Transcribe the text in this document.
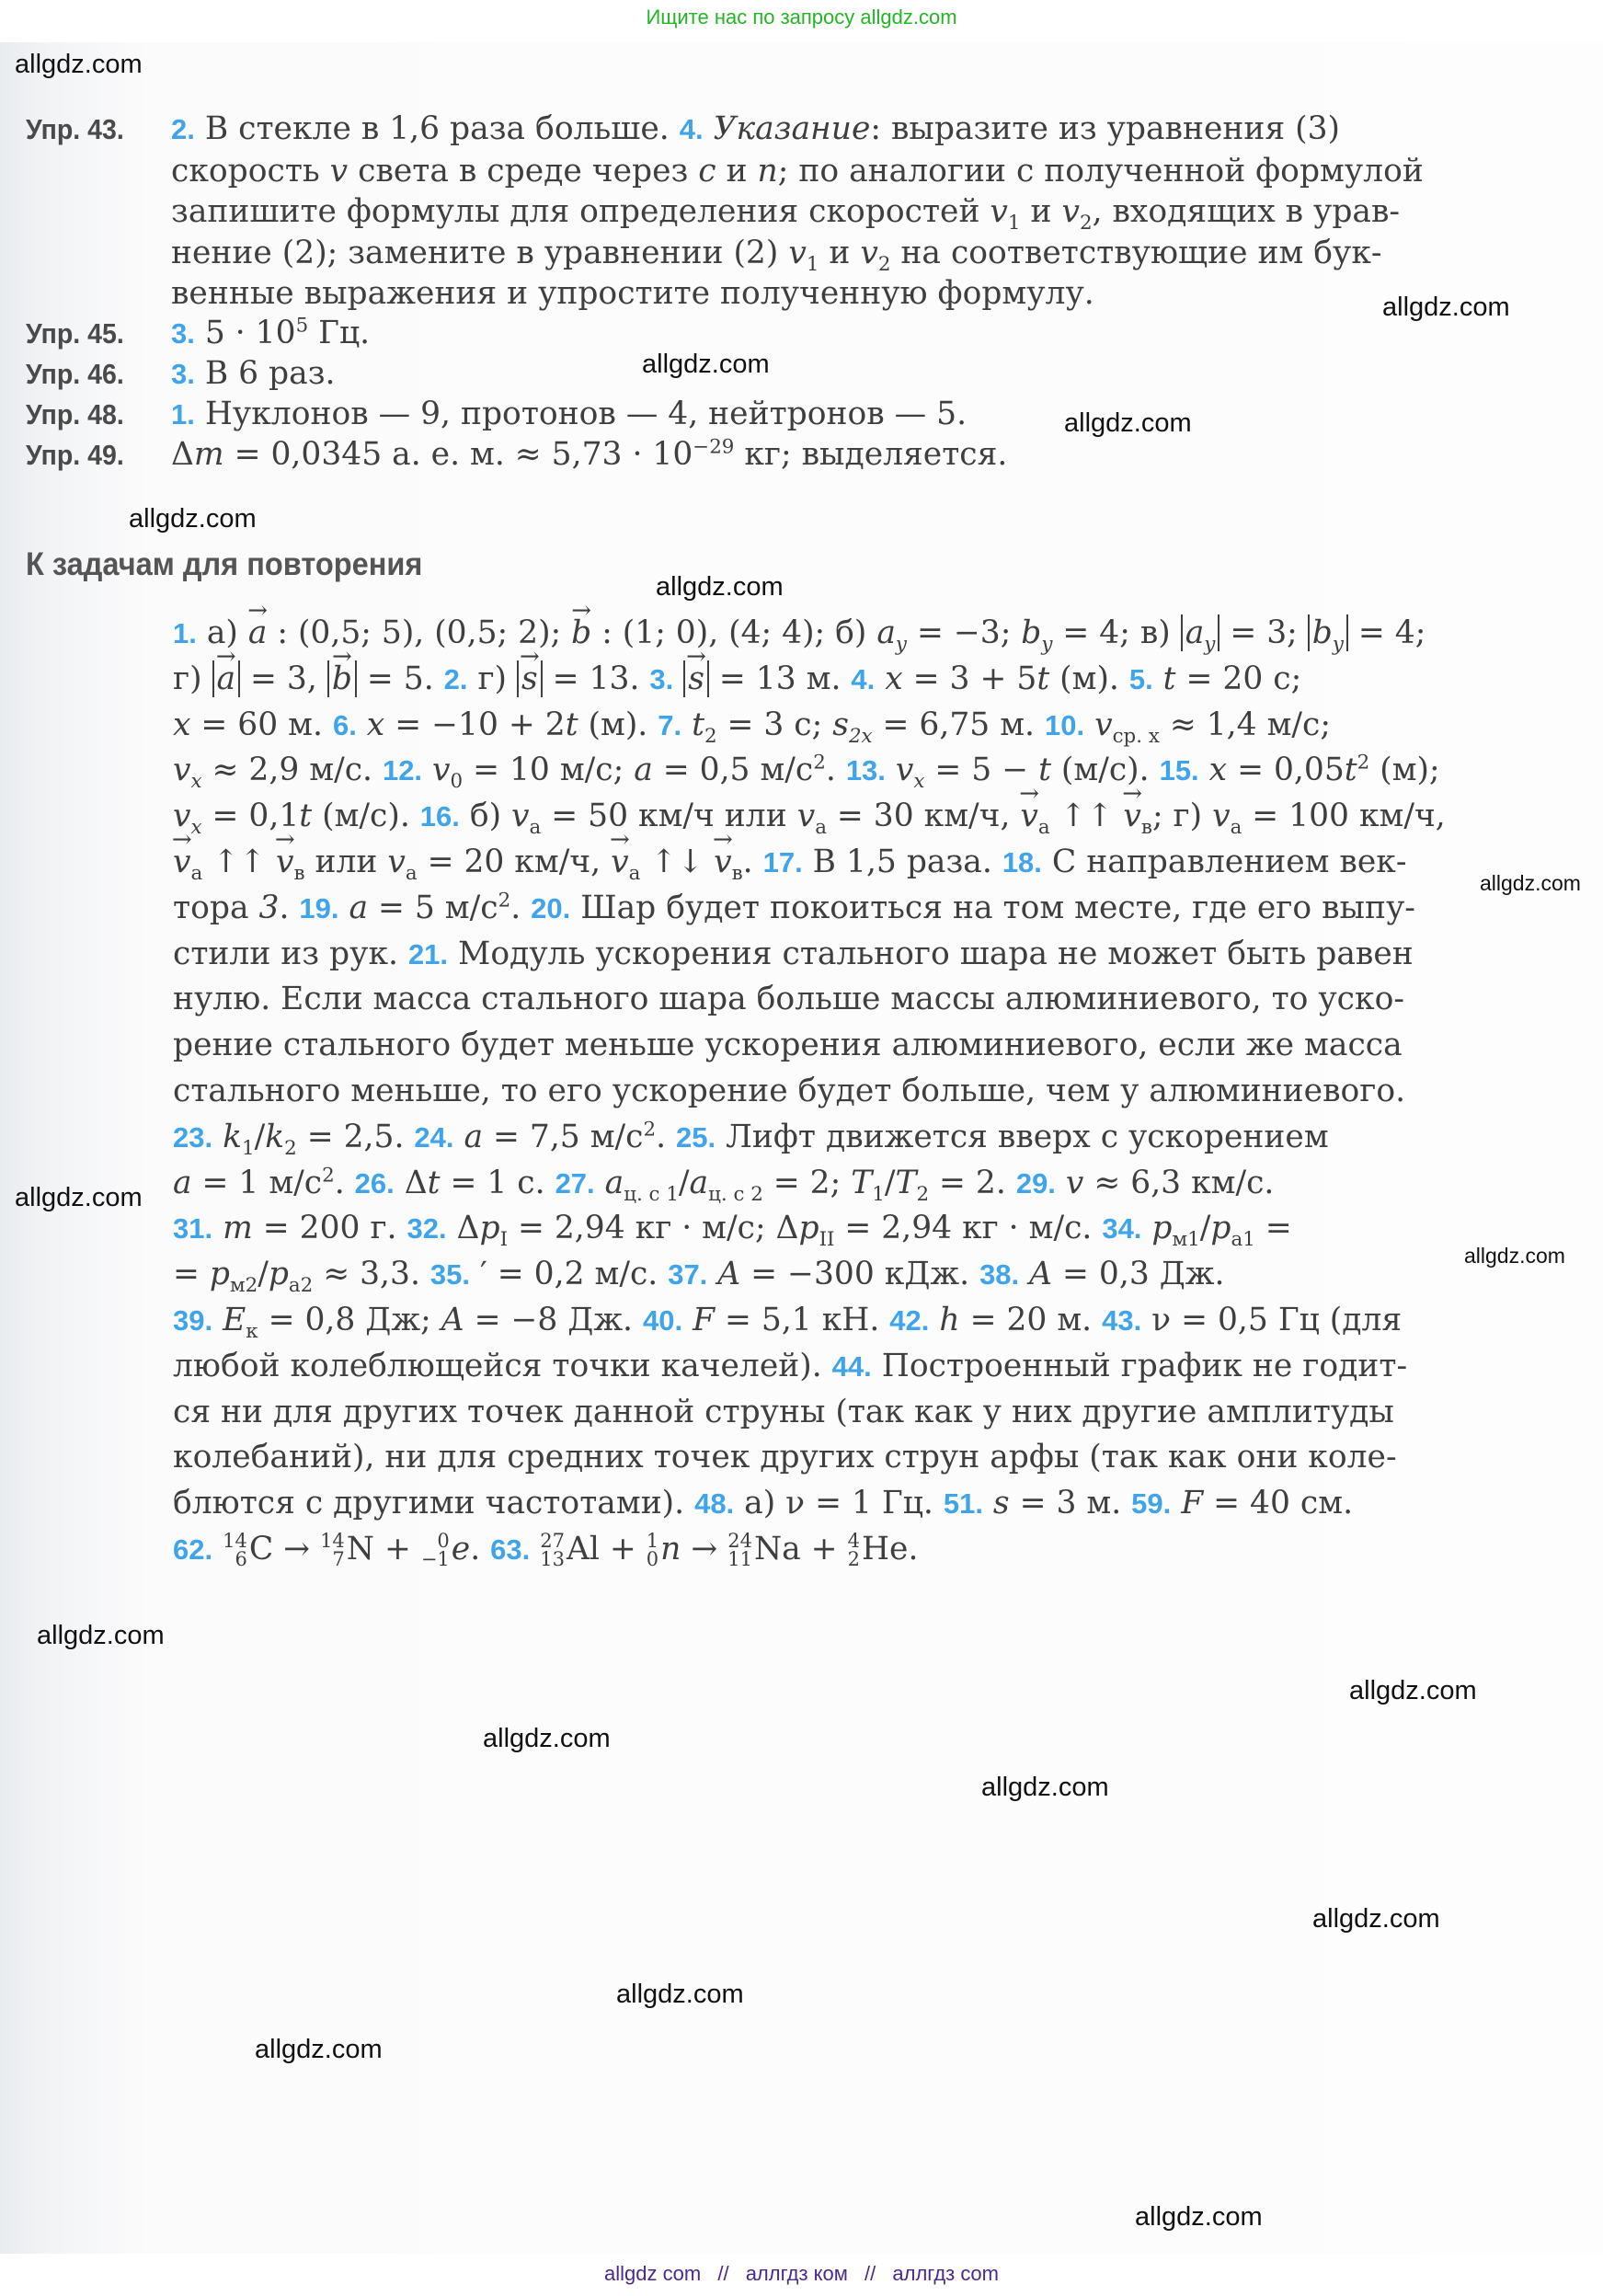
Ищите нас по запросу allgdz.com
allgdz.com
allgdz.com
allgdz.com
allgdz.com
allgdz.com
allgdz.com
allgdz.com
allgdz.com
allgdz.com
allgdz.com
allgdz.com
allgdz.com
allgdz.com
allgdz.com
allgdz.com
allgdz.com
allgdz.com
Упр. 43. 2. В стекле в 1,6 раза больше. 4. Указание: выразите из уравнения (3)
скорость v света в среде через c и n; по аналогии с полученной формулой
запишите формулы для определения скоростей $v_1$ и $v_2$, входящих в урав-
нение (2); замените в уравнении (2) $v_1$ и $v_2$ на соответствующие им бук-
венные выражения и упростите полученную формулу.
Упр. 45. 3. $5 \cdot 10^5$ Гц.
Упр. 46. 3. В 6 раз.
Упр. 48. 1. Нуклонов — 9, протонов — 4, нейтронов — 5.
Упр. 49. Δm = 0,0345 а. е. м. ≈ $5,73 \cdot 10^{-29}$ кг; выделяется.
К задачам для повторения
1. а) → a : (0,5; 5), (0,5; 2); → b : (1; 0), (4; 4); б) $a_y = -3$; $b_y = 4$; в) $a_y = 3$; $b_y = 4$;
г) → a = 3, → b = 5. 2. г) → s = 13. 3. → s = 13 м. 4. x = 3 + 5t (м). 5. t = 20 с;
x = 60 м. 6. x = −10 + 2t (м). 7. $t_2 = 3$ с; $s_{2x} = 6,75$ м. 10. $v_{ср. x} \approx 1,4$ м/с;
$v_x \approx 2,9$ м/с. 12. $v_0 = 10$ м/с; a = 0,5 $м/с^2$. 13. $v_x = 5 - t$ (м/с). 15. $x = 0,05t^2$ (м);
$v_x = 0,1t$ (м/с). 16. б) $v_а = 50$ км/ч или $v_а = 30$ км/ч, → $v_а$ ↑↑ → $v_в$; г) $v_а = 100$ км/ч,
→ $v_а$ ↑↑ → $v_в$ или $v_а = 20$ км/ч, → $v_а$ ↑↓ → $v_в$. 17. В 1,5 раза. 18. С направлением век-
тора 3. 19. a = 5 $м/с^2$. 20. Шар будет покоиться на том месте, где его выпу-
стили из рук. 21. Модуль ускорения стального шара не может быть равен
нулю. Если масса стального шара больше массы алюминиевого, то уско-
рение стального будет меньше ускорения алюминиевого, если же масса
стального меньше, то его ускорение будет больше, чем у алюминиевого.
23. $k_1/k_2 = 2,5$. 24. a = 7,5 $м/с^2$. 25. Лифт движется вверх с ускорением
a = 1 $м/с^2$. 26. Δt = 1 с. 27. $a_{ц. с 1}/a_{ц. с 2} = 2$; $T_1/T_2 = 2$. 29. v ≈ 6,3 км/с.
31. m = 200 г. 32. $\Delta p_I = 2,94$ кг · м/с; $\Delta p_{II} = 2,94$ кг · м/с. 34. $p_{м1}/p_{а1}$ =
= $p_{м2}/p_{а2} \approx 3,3$. 35. ′ = 0,2 м/с. 37. A = −300 кДж. 38. A = 0,3 Дж.
39. $E_к = 0,8$ Дж; A = −8 Дж. 40. F = 5,1 кН. 42. h = 20 м. 43. ν = 0,5 Гц (для
любой колеблющейся точки качелей). 44. Построенный график не годит-
ся ни для других точек данной струны (так как у них другие амплитуды
колебаний), ни для средних точек других струн арфы (так как они коле-
блются с другими частотами). 48. а) ν = 1 Гц. 51. s = 3 м. 59. F = 40 см.
62. 14
6 C → 14
7 N + 0
−1 e. 63. 27
13 Al + 1
0 n → 24
11 Na + 4
2 He.
allgdz com // аллгдз ком // аллгдз com
